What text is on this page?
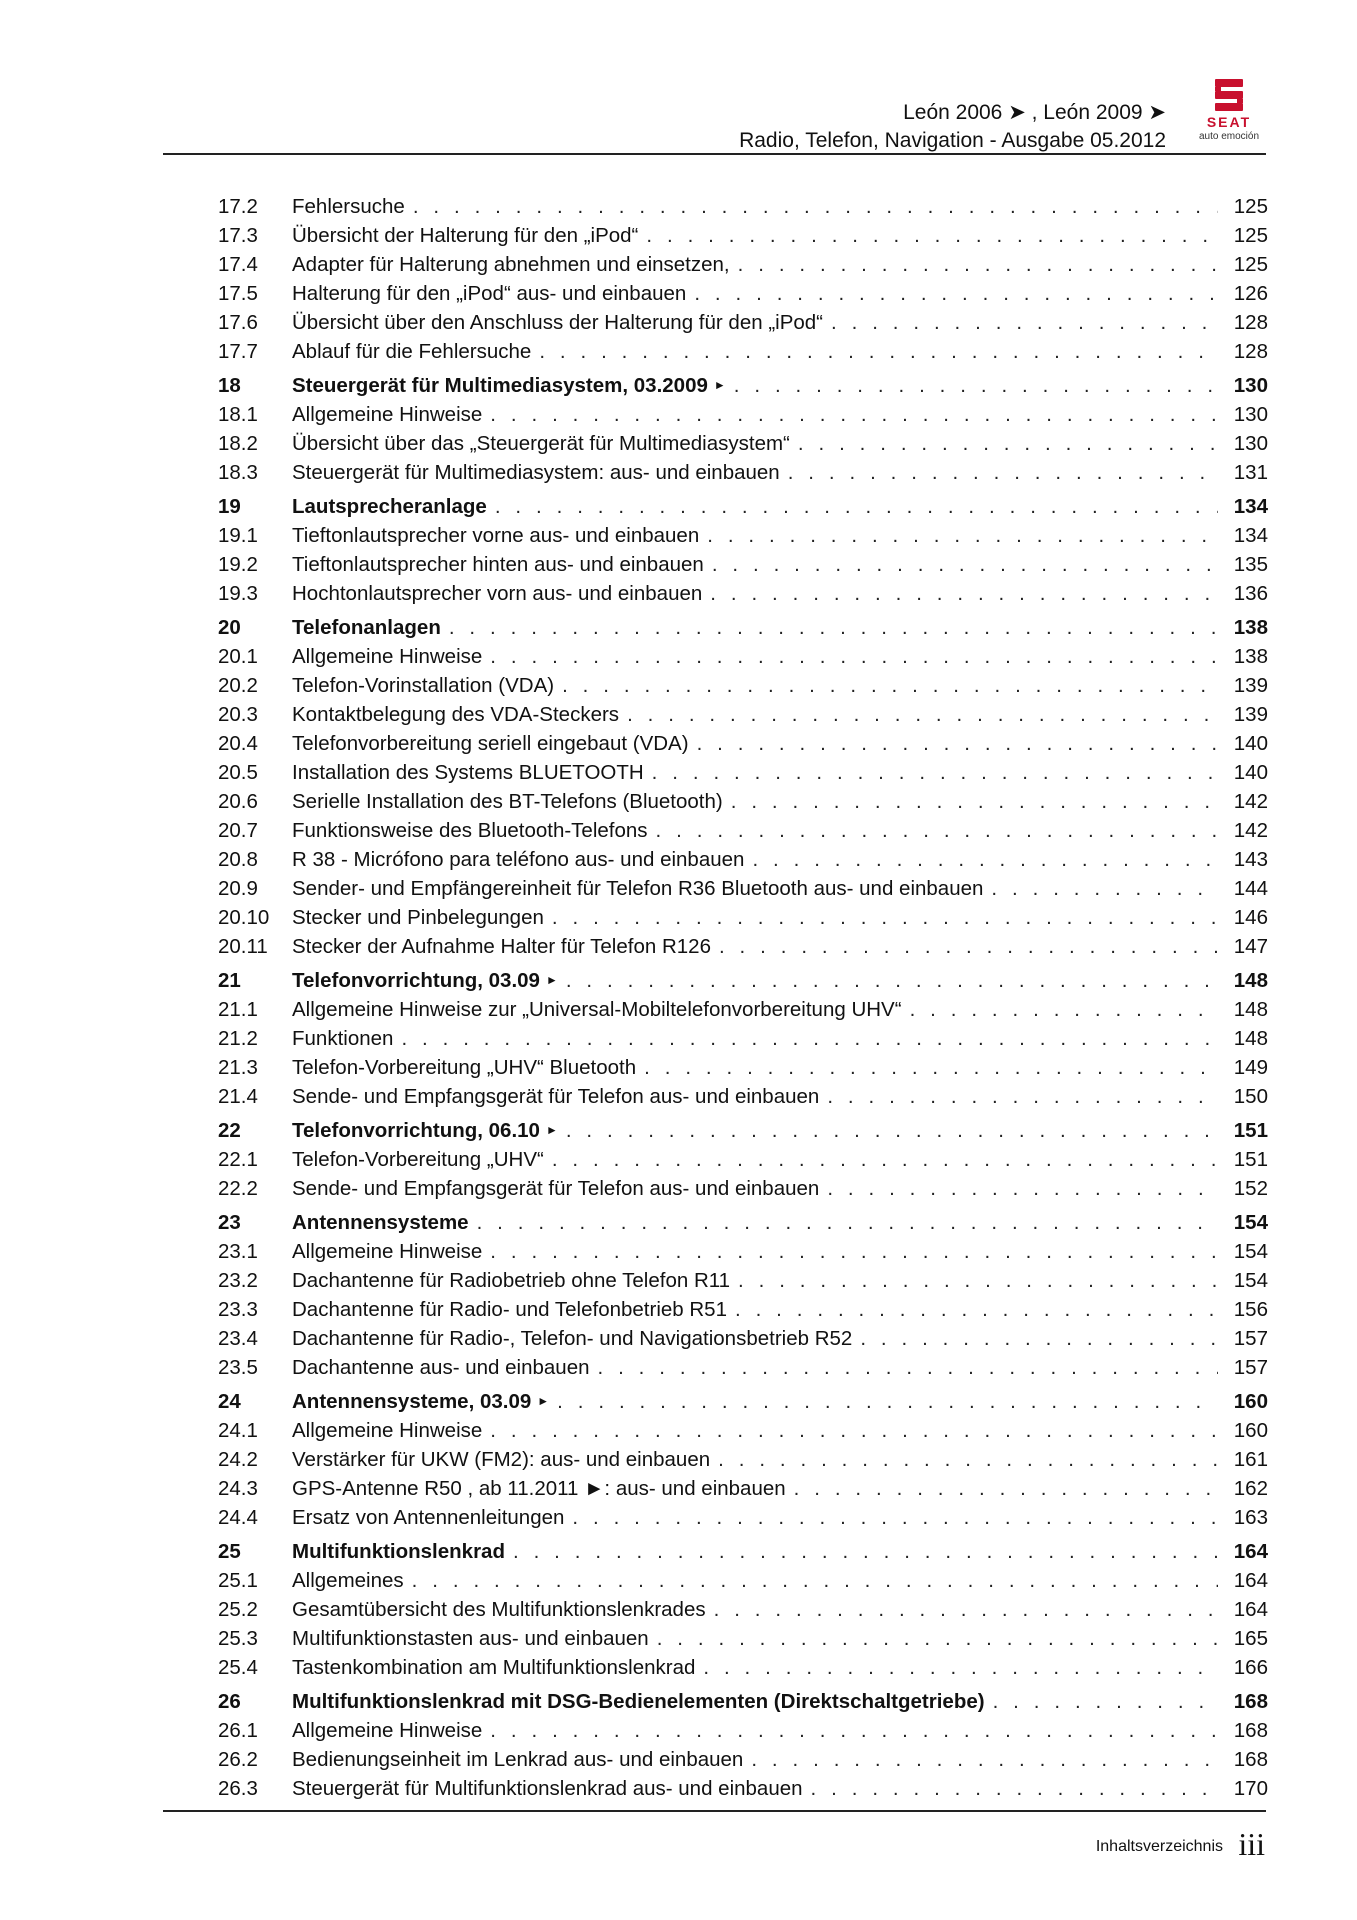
León 2006 ➤ , León 2009 ➤
Radio, Telefon, Navigation - Ausgabe 05.2012
SEAT
auto emoción
17.2	Fehlersuche . . .	125
17.3	Übersicht der Halterung für den „iPod“ . . .	125
17.4	Adapter für Halterung abnehmen und einsetzen, . . .	125
17.5	Halterung für den „iPod“ aus- und einbauen . . .	126
17.6	Übersicht über den Anschluss der Halterung für den „iPod“ . . .	128
17.7	Ablauf für die Fehlersuche . . .	128
18	Steuergerät für Multimediasystem, 03.2009 ► . . .	130
18.1	Allgemeine Hinweise . . .	130
18.2	Übersicht über das „Steuergerät für Multimediasystem“ . . .	130
18.3	Steuergerät für Multimediasystem: aus- und einbauen . . .	131
19	Lautsprecheranlage . . .	134
19.1	Tieftonlautsprecher vorne aus- und einbauen . . .	134
19.2	Tieftonlautsprecher hinten aus- und einbauen . . .	135
19.3	Hochtonlautsprecher vorn aus- und einbauen . . .	136
20	Telefonanlagen . . .	138
20.1	Allgemeine Hinweise . . .	138
20.2	Telefon-Vorinstallation (VDA) . . .	139
20.3	Kontaktbelegung des VDA-Steckers . . .	139
20.4	Telefonvorbereitung seriell eingebaut (VDA) . . .	140
20.5	Installation des Systems BLUETOOTH . . .	140
20.6	Serielle Installation des BT-Telefons (Bluetooth) . . .	142
20.7	Funktionsweise des Bluetooth-Telefons . . .	142
20.8	R 38 - Micrófono para teléfono aus- und einbauen . . .	143
20.9	Sender- und Empfängereinheit für Telefon R36 Bluetooth aus- und einbauen . . .	144
20.10	Stecker und Pinbelegungen . . .	146
20.11	Stecker der Aufnahme Halter für Telefon R126 . . .	147
21	Telefonvorrichtung, 03.09 ► . . .	148
21.1	Allgemeine Hinweise zur „Universal-Mobiltelefonvorbereitung UHV“ . . .	148
21.2	Funktionen . . .	148
21.3	Telefon-Vorbereitung „UHV“ Bluetooth . . .	149
21.4	Sende- und Empfangsgerät für Telefon aus- und einbauen . . .	150
22	Telefonvorrichtung, 06.10 ► . . .	151
22.1	Telefon-Vorbereitung „UHV“ . . .	151
22.2	Sende- und Empfangsgerät für Telefon aus- und einbauen . . .	152
23	Antennensysteme . . .	154
23.1	Allgemeine Hinweise . . .	154
23.2	Dachantenne für Radiobetrieb ohne Telefon R11 . . .	154
23.3	Dachantenne für Radio- und Telefonbetrieb R51 . . .	156
23.4	Dachantenne für Radio-, Telefon- und Navigationsbetrieb R52 . . .	157
23.5	Dachantenne aus- und einbauen . . .	157
24	Antennensysteme, 03.09 ► . . .	160
24.1	Allgemeine Hinweise . . .	160
24.2	Verstärker für UKW (FM2): aus- und einbauen . . .	161
24.3	GPS-Antenne R50 , ab 11.2011 ►: aus- und einbauen . . .	162
24.4	Ersatz von Antennenleitungen . . .	163
25	Multifunktionslenkrad . . .	164
25.1	Allgemeines . . .	164
25.2	Gesamtübersicht des Multifunktionslenkrades . . .	164
25.3	Multifunktionstasten aus- und einbauen . . .	165
25.4	Tastenkombination am Multifunktionslenkrad . . .	166
26	Multifunktionslenkrad mit DSG-Bedienelementen (Direktschaltgetriebe) . . .	168
26.1	Allgemeine Hinweise . . .	168
26.2	Bedienungseinheit im Lenkrad aus- und einbauen . . .	168
26.3	Steuergerät für Multifunktionslenkrad aus- und einbauen . . .	170
Inhaltsverzeichnis iii
